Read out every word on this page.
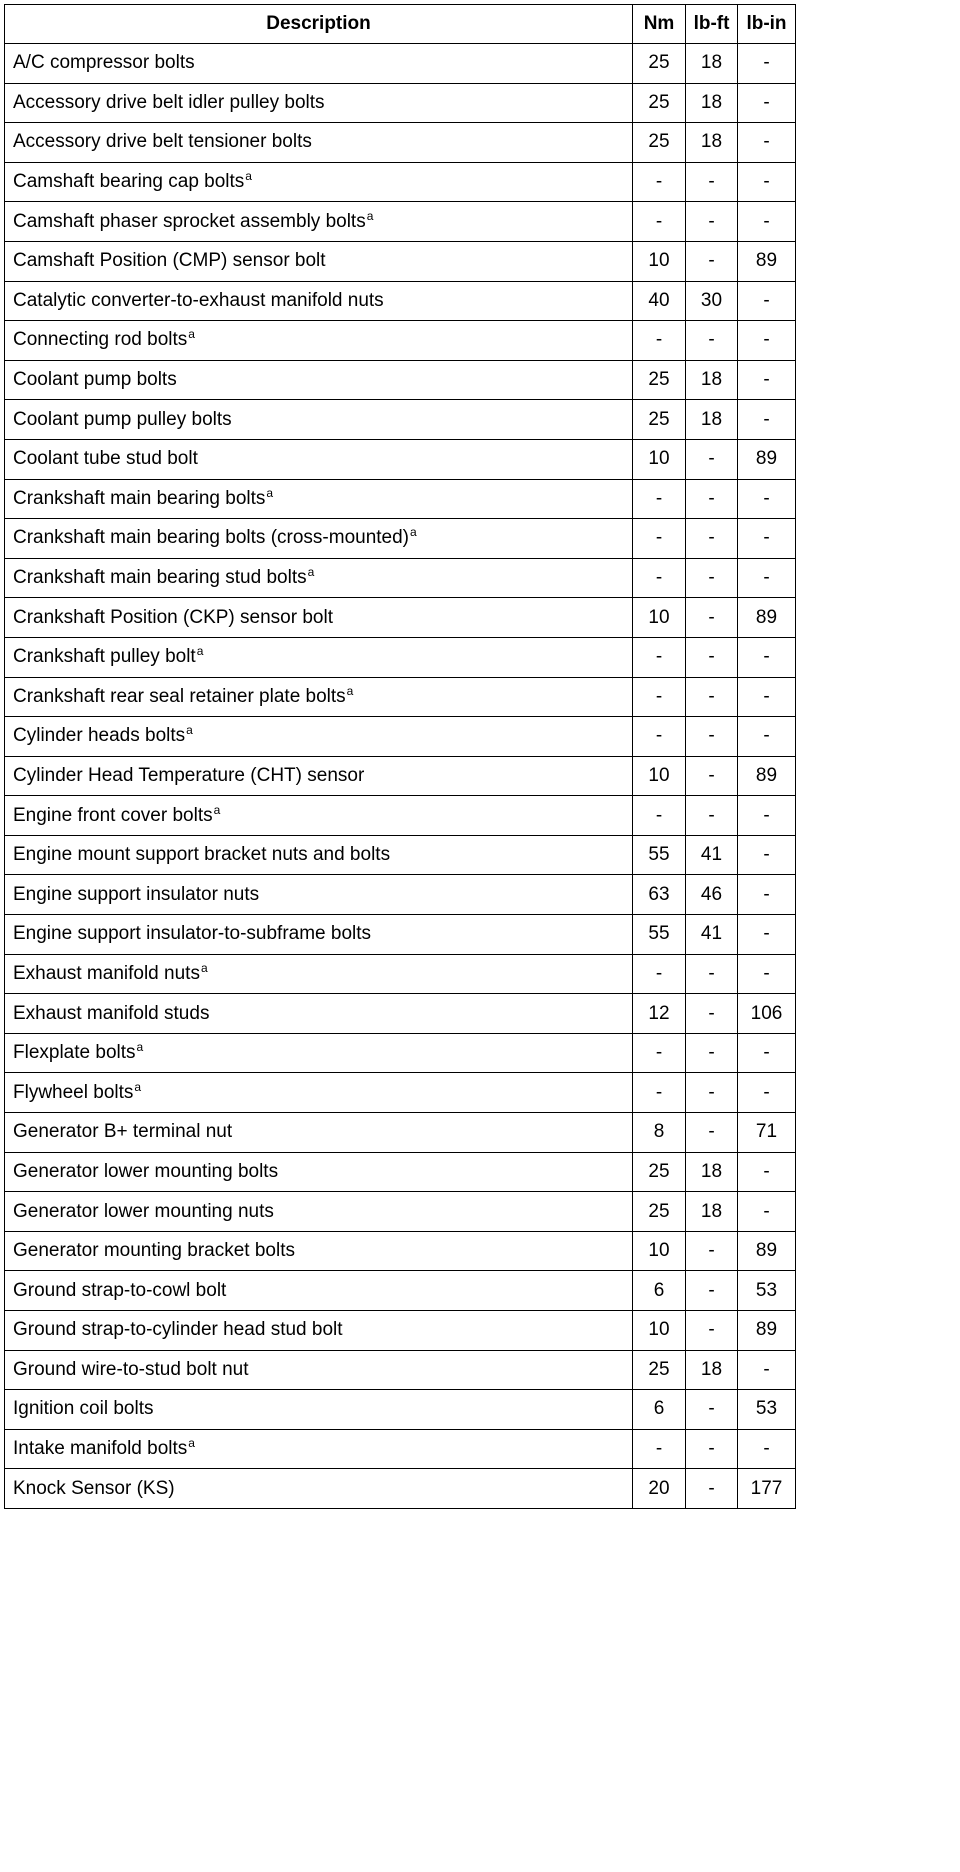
Description	Nm	lb-ft	lb-in
A/C compressor bolts	25	18	-
Accessory drive belt idler pulley bolts	25	18	-
Accessory drive belt tensioner bolts	25	18	-
Camshaft bearing cap bolts$^a$	-	-	-
Camshaft phaser sprocket assembly bolts$^a$	-	-	-
Camshaft Position (CMP) sensor bolt	10	-	89
Catalytic converter-to-exhaust manifold nuts	40	30	-
Connecting rod bolts$^a$	-	-	-
Coolant pump bolts	25	18	-
Coolant pump pulley bolts	25	18	-
Coolant tube stud bolt	10	-	89
Crankshaft main bearing bolts$^a$	-	-	-
Crankshaft main bearing bolts (cross-mounted)$^a$	-	-	-
Crankshaft main bearing stud bolts$^a$	-	-	-
Crankshaft Position (CKP) sensor bolt	10	-	89
Crankshaft pulley bolt$^a$	-	-	-
Crankshaft rear seal retainer plate bolts$^a$	-	-	-
Cylinder heads bolts$^a$	-	-	-
Cylinder Head Temperature (CHT) sensor	10	-	89
Engine front cover bolts$^a$	-	-	-
Engine mount support bracket nuts and bolts	55	41	-
Engine support insulator nuts	63	46	-
Engine support insulator-to-subframe bolts	55	41	-
Exhaust manifold nuts$^a$	-	-	-
Exhaust manifold studs	12	-	106
Flexplate bolts$^a$	-	-	-
Flywheel bolts$^a$	-	-	-
Generator B+ terminal nut	8	-	71
Generator lower mounting bolts	25	18	-
Generator lower mounting nuts	25	18	-
Generator mounting bracket bolts	10	-	89
Ground strap-to-cowl bolt	6	-	53
Ground strap-to-cylinder head stud bolt	10	-	89
Ground wire-to-stud bolt nut	25	18	-
Ignition coil bolts	6	-	53
Intake manifold bolts$^a$	-	-	-
Knock Sensor (KS)	20	-	177
